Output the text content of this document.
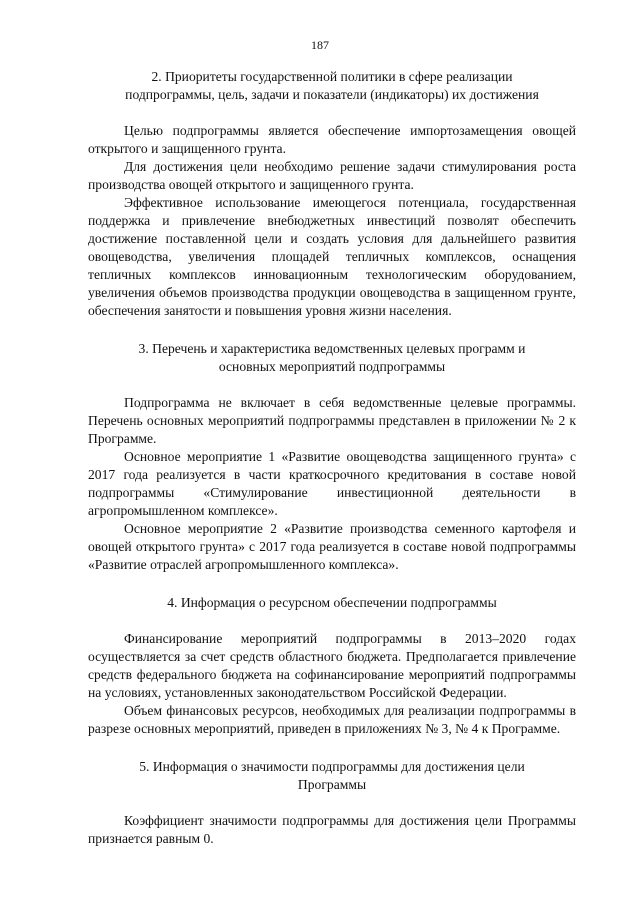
187
2. Приоритеты государственной политики в сфере реализации
подпрограммы, цель, задачи и показатели (индикаторы) их достижения

Целью подпрограммы является обеспечение импортозамещения овощей открытого и защищенного грунта.

Для достижения цели необходимо решение задачи стимулирования роста производства овощей открытого и защищенного грунта.

Эффективное использование имеющегося потенциала, государственная поддержка и привлечение внебюджетных инвестиций позволят обеспечить достижение поставленной цели и создать условия для дальнейшего развития овощеводства, увеличения площадей тепличных комплексов, оснащения тепличных комплексов инновационным технологическим оборудованием, увеличения объемов производства продукции овощеводства в защищенном грунте, обеспечения занятости и повышения уровня жизни населения.

3. Перечень и характеристика ведомственных целевых программ и
основных мероприятий подпрограммы

Подпрограмма не включает в себя ведомственные целевые программы. Перечень основных мероприятий подпрограммы представлен в приложении № 2 к Программе.

Основное мероприятие 1 «Развитие овощеводства защищенного грунта» с 2017 года реализуется в части краткосрочного кредитования в составе новой подпрограммы «Стимулирование инвестиционной деятельности в агропромышленном комплексе».

Основное мероприятие 2 «Развитие производства семенного картофеля и овощей открытого грунта» с 2017 года реализуется в составе новой подпрограммы «Развитие отраслей агропромышленного комплекса».

4. Информация о ресурсном обеспечении подпрограммы

Финансирование мероприятий подпрограммы в 2013–2020 годах осуществляется за счет средств областного бюджета. Предполагается привлечение средств федерального бюджета на софинансирование мероприятий подпрограммы на условиях, установленных законодательством Российской Федерации.

Объем финансовых ресурсов, необходимых для реализации подпрограммы в разрезе основных мероприятий, приведен в приложениях № 3, № 4 к Программе.

5. Информация о значимости подпрограммы для достижения цели
Программы

Коэффициент значимости подпрограммы для достижения цели Программы признается равным 0.
